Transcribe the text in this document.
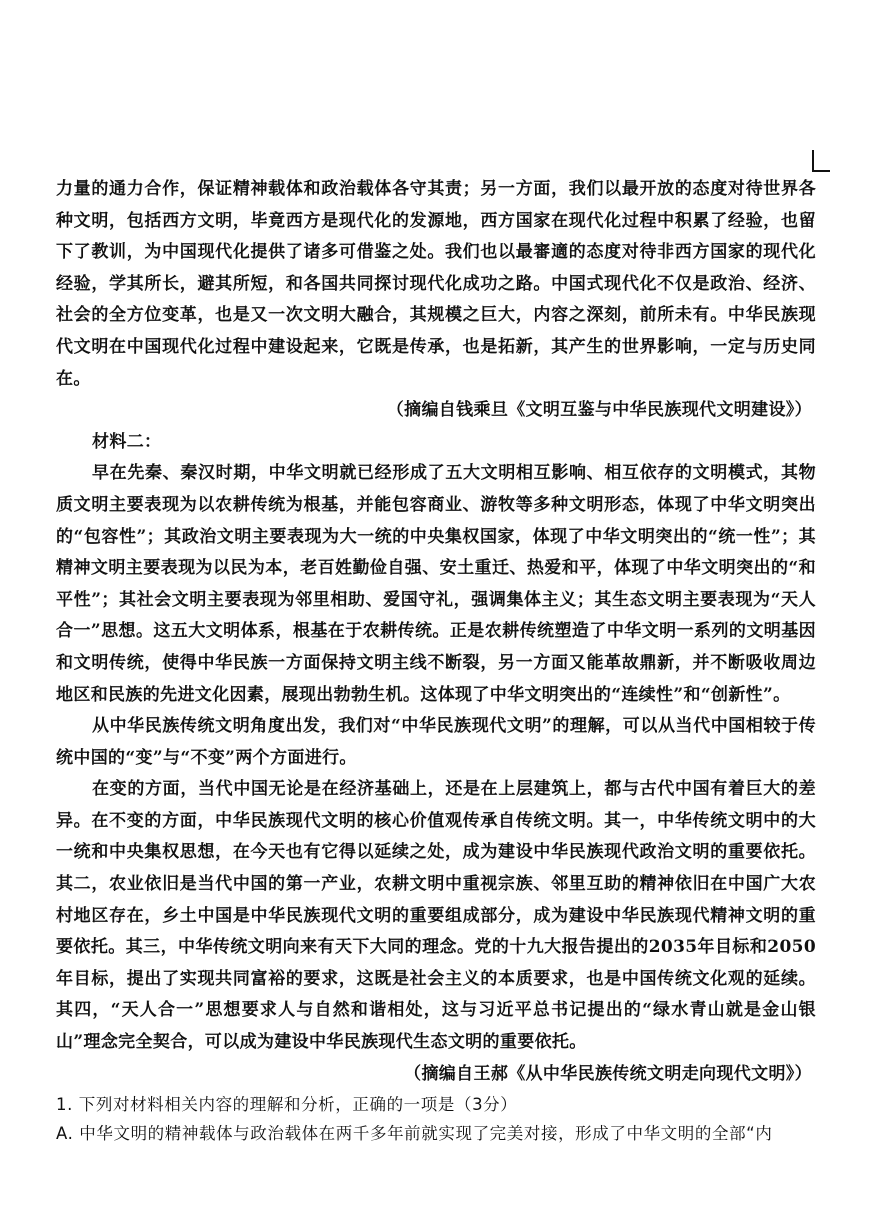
力量的通力合作，保证精神载体和政治载体各守其责；另一方面，我们以最开放的态度对待世界各种文明，包括西方文明，毕竟西方是现代化的发源地，西方国家在现代化过程中积累了经验，也留下了教训，为中国现代化提供了诸多可借鉴之处。我们也以最審適的态度对待非西方国家的现代化经验，学其所长，避其所短，和各国共同探讨现代化成功之路。中国式现代化不仅是政治、经济、社会的全方位变革，也是又一次文明大融合，其规模之巨大，内容之深刻，前所未有。中华民族现代文明在中国现代化过程中建设起来，它既是传承，也是拓新，其产生的世界影响，一定与历史同在。

（摘编自钱乘旦《文明互鉴与中华民族现代文明建设》）

材料二：

早在先秦、秦汉时期，中华文明就已经形成了五大文明相互影响、相互依存的文明模式，其物质文明主要表现为以农耕传统为根基，并能包容商业、游牧等多种文明形态，体现了中华文明突出的“包容性”；其政治文明主要表现为大一统的中央集权国家，体现了中华文明突出的“统一性”；其精神文明主要表现为以民为本，老百姓勤俭自强、安土重迁、热爱和平，体现了中华文明突出的“和平性”；其社会文明主要表现为邻里相助、爱国守礼，强调集体主义；其生态文明主要表现为“天人合一”思想。这五大文明体系，根基在于农耕传统。正是农耕传统塑造了中华文明一系列的文明基因和文明传统，使得中华民族一方面保持文明主线不断裂，另一方面又能革故鼎新，并不断吸收周边地区和民族的先进文化因素，展现出勃勃生机。这体现了中华文明突出的“连续性”和“创新性”。

从中华民族传统文明角度出发，我们对“中华民族现代文明”的理解，可以从当代中国相较于传统中国的“变”与“不变”两个方面进行。

在变的方面，当代中国无论是在经济基础上，还是在上层建筑上，都与古代中国有着巨大的差异。在不变的方面，中华民族现代文明的核心价值观传承自传统文明。其一，中华传统文明中的大一统和中央集权思想，在今天也有它得以延续之处，成为建设中华民族现代政治文明的重要依托。其二，农业依旧是当代中国的第一产业，农耕文明中重视宗族、邻里互助的精神依旧在中国广大农村地区存在，乡土中国是中华民族现代文明的重要组成部分，成为建设中华民族现代精神文明的重要依托。其三，中华传统文明向来有天下大同的理念。党的十九大报告提出的2035年目标和2050年目标，提出了实现共同富裕的要求，这既是社会主义的本质要求，也是中国传统文化观的延续。其四，“天人合一”思想要求人与自然和谐相处，这与习近平总书记提出的“绿水青山就是金山银山”理念完全契合，可以成为建设中华民族现代生态文明的重要依托。

（摘编自王郝《从中华民族传统文明走向现代文明》）

1. 下列对材料相关内容的理解和分析，正确的一项是（3分）

A. 中华文明的精神载体与政治载体在两千多年前就实现了完美对接，形成了中华文明的全部“内
